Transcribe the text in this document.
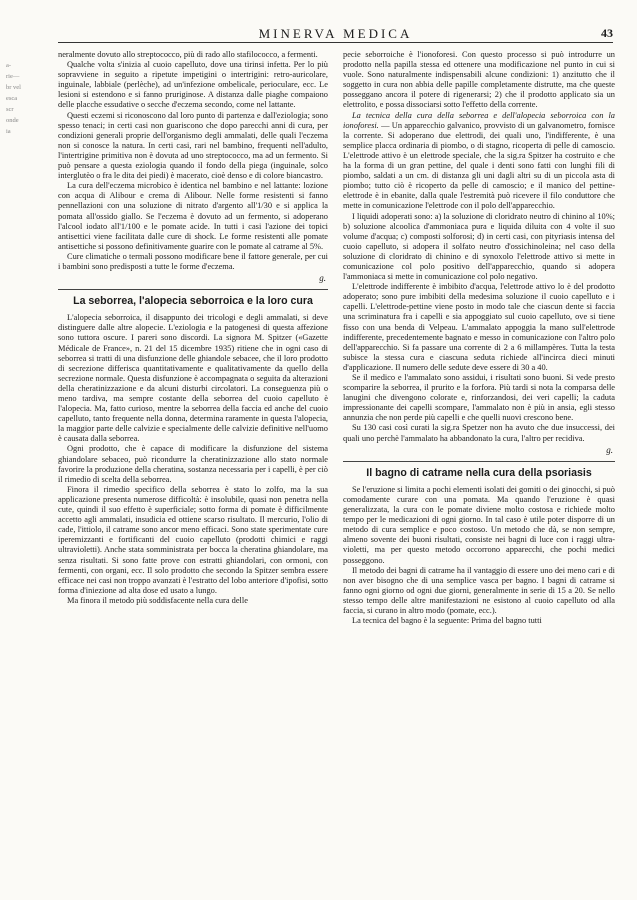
a-
rie—
br vel
esca
scr
onde
ia
MINERVA MEDICA	43

neralmente dovuto allo streptococco, più di rado allo stafilococco, a fermenti.

Qualche volta s'inizia al cuoio capelluto, dove una tirinsi infetta. Per lo più sopravviene in seguito a ripetute impetigini o intertrigini: retro-auricolare, inguinale, labbiale (perlèche), ad un'infezione ombelicale, perioculare, ecc. Le lesioni si estendono e si fanno pruriginose. A distanza dalle piaghe compaiono delle placche essudative o secche d'eczema secondo, come nel lattante.

Questi eczemi si riconoscono dal loro punto di partenza e dall'eziologia; sono spesso tenaci; in certi casi non guariscono che dopo parecchi anni di cura, per condizioni generali proprie dell'organismo degli ammalati, delle quali l'eczema non si conosce la natura. In certi casi, rari nel bambino, frequenti nell'adulto, l'intertrigine primitiva non è dovuta ad uno streptococco, ma ad un fermento. Si può pensare a questa eziologia quando il fondo della piega (inguinale, solco interglutèo o fra le dita dei piedi) è macerato, cioè denso e di colore biancastro.

La cura dell'eczema microbico è identica nel bambino e nel lattante: lozione con acqua di Alibour e crema di Alibour. Nelle forme resistenti si fanno pennellazioni con una soluzione di nitrato d'argento all'1/30 e si applica la pomata all'ossido giallo. Se l'eczema è dovuto ad un fermento, si adoperano l'alcool iodato all'1/100 e le pomate acide. In tutti i casi l'azione dei topici antisettici viene facilitata dalle cure di shock. Le forme resistenti alle pomate antisettiche si possono definitivamente guarire con le pomate al catrame al 5%.

Cure climatiche o termali possono modificare bene il fattore generale, per cui i bambini sono predisposti a tutte le forme d'eczema.

g.
La seborrea, l'alopecia seborroica e la loro cura

L'alopecia seborroica, il disappunto dei tricologi e degli ammalati, si deve distinguere dalle altre alopecie. L'eziologia e la patogenesi di questa affezione sono tuttora oscure. I pareri sono discordi. La signora M. Spitzer («Gazette Médicale de France», n. 21 del 15 dicembre 1935) ritiene che in ogni caso di seborrea si tratti di una disfunzione delle ghiandole sebacee, che il loro prodotto di secrezione differisca quantitativamente e qualitativamente da quello della secrezione normale. Questa disfunzione è accompagnata o seguita da alterazioni della cheratinizzazione e da alcuni disturbi circolatori. La conseguenza più o meno tardiva, ma sempre costante della seborrea del cuoio capelluto è l'alopecia. Ma, fatto curioso, mentre la seborrea della faccia ed anche del cuoio capelluto, tanto frequente nella donna, determina raramente in questa l'alopecia, la maggior parte delle calvizie e specialmente delle calvizie definitive nell'uomo è causata dalla seborrea.

Ogni prodotto, che è capace di modificare la disfunzione del sistema ghiandolare sebaceo, può ricondurre la cheratinizzazione allo stato normale favorire la produzione della cheratina, sostanza necessaria per i capelli, è per ciò il rimedio di scelta della seborrea.

Finora il rimedio specifico della seborrea è stato lo zolfo, ma la sua applicazione presenta numerose difficoltà: è insolubile, quasi non penetra nella cute, quindi il suo effetto è superficiale; sotto forma di pomate è difficilmente accetto agli ammalati, insudicia ed ottiene scarso risultato. Il mercurio, l'olio di cade, l'ittiolo, il catrame sono ancor meno efficaci. Sono state sperimentate cure iperemizzanti e fortificanti del cuoio capelluto (prodotti chimici e raggi ultravioletti). Anche stata somministrata per bocca la cheratina ghiandolare, ma senza risultati. Si sono fatte prove con estratti ghiandolari, con ormoni, con fermenti, con organi, ecc. Il solo prodotto che secondo la Spitzer sembra essere efficace nei casi non troppo avanzati è l'estratto del lobo anteriore d'ipofisi, sotto forma d'iniezione ad alta dose ed usato a lungo.

Ma finora il metodo più soddisfacente nella cura delle

pecie seborroiche è l'ionoforesi. Con questo processo si può introdurre un prodotto nella papilla stessa ed ottenere una modificazione nel punto in cui si vuole. Sono naturalmente indispensabili alcune condizioni: 1) anzitutto che il soggetto in cura non abbia delle papille completamente distrutte, ma che queste posseggano ancora il potere di rigenerarsi; 2) che il prodotto applicato sia un elettrolito, e possa dissociarsi sotto l'effetto della corrente.

La tecnica della cura della seborrea e dell'alopecia seborroica con la ionoforesi. — Un apparecchio galvanico, provvisto di un galvanometro, fornisce la corrente. Si adoperano due elettrodi, dei quali uno, l'indifferente, è una semplice placca ordinaria di piombo, o di stagno, ricoperta di pelle di camoscio. L'elettrode attivo è un elettrode speciale, che la sig.ra Spitzer ha costruito e che ha la forma di un gran pettine, del quale i denti sono fatti con lunghi fili di piombo, saldati a un cm. di distanza gli uni dagli altri su di un piccola asta di piombo; tutto ciò è ricoperto da pelle di camoscio; e il manico del pettine-elettrode è in ebanite, dalla quale l'estremità può ricevere il filo conduttore che mette in comunicazione l'elettrode con il polo dell'apparecchio.

I liquidi adoperati sono: a) la soluzione di cloridrato neutro di chinino al 10%; b) soluzione alcoolica d'ammoniaca pura e liquida diluita con 4 volte il suo volume d'acqua; c) composti solforosi; d) in certi casi, con pityriasis intensa del cuoio capelluto, si adopera il solfato neutro d'ossichinoleina; nel caso della soluzione di cloridrato di chinino e di synoxolo l'elettrode attivo si mette in comunicazione col polo positivo dell'apparecchio, quando si adopera l'ammoniaca si mette in comunicazione col polo negativo.

L'elettrode indifferente è imbibito d'acqua, l'elettrode attivo lo è del prodotto adoperato; sono pure imbibiti della medesima soluzione il cuoio capelluto e i capelli. L'elettrode-pettine viene posto in modo tale che ciascun dente si faccia una scriminatura fra i capelli e sia appoggiato sul cuoio capelluto, ove si tiene fisso con una benda di Velpeau. L'ammalato appoggia la mano sull'elettrode indifferente, precedentemente bagnato e messo in comunicazione con l'altro polo dell'apparecchio. Si fa passare una corrente di 2 a 6 millampères. Tutta la testa subisce la stessa cura e ciascuna seduta richiede all'incirca dieci minuti d'applicazione. Il numero delle sedute deve essere di 30 a 40.

Se il medico e l'ammalato sono assidui, i risultati sono buoni. Si vede presto scomparire la seborrea, il prurito e la forfora. Più tardi si nota la comparsa delle lanugini che divengono colorate e, rinforzandosi, dei veri capelli; la caduta impressionante dei capelli scompare, l'ammalato non è più in ansia, egli stesso annunzia che non perde più capelli e che quelli nuovi crescono bene.

Su 130 casi così curati la sig.ra Spetzer non ha avuto che due insuccessi, dei quali uno perchè l'ammalato ha abbandonato la cura, l'altro per recidiva.

g.
Il bagno di catrame nella cura della psoriasis

Se l'eruzione si limita a pochi elementi isolati dei gomiti o dei ginocchi, si può comodamente curare con una pomata. Ma quando l'eruzione è quasi generalizzata, la cura con le pomate diviene molto costosa e richiede molto tempo per le medicazioni di ogni giorno. In tal caso è utile poter disporre di un metodo di cura semplice e poco costoso. Un metodo che dà, se non sempre, almeno sovente dei buoni risultati, consiste nei bagni di luce con i raggi ultra-violetti, ma per questo metodo occorrono apparecchi, che pochi medici posseggono.

Il metodo dei bagni di catrame ha il vantaggio di essere uno dei meno cari e di non aver bisogno che di una semplice vasca per bagno. I bagni di catrame si fanno ogni giorno od ogni due giorni, generalmente in serie di 15 a 20. Se nello stesso tempo delle altre manifestazioni ne esistono al cuoio capelluto od alla faccia, si curano in altro modo (pomate, ecc.).

La tecnica del bagno è la seguente: Prima del bagno tutti
